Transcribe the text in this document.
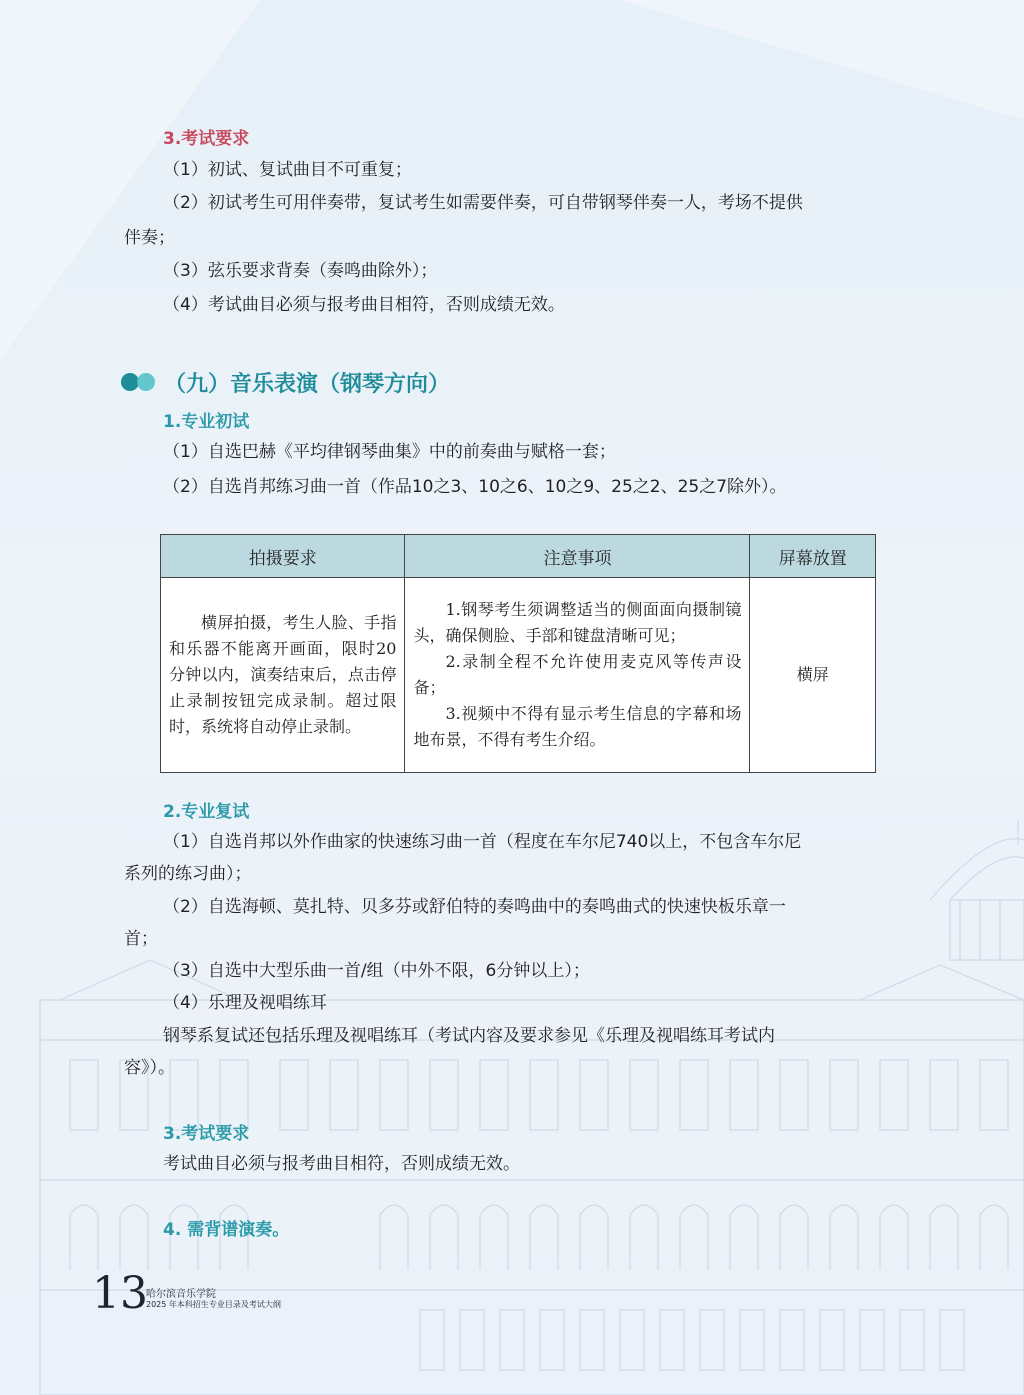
3.考试要求
（1）初试、复试曲目不可重复；
（2）初试考生可用伴奏带，复试考生如需要伴奏，可自带钢琴伴奏一人，考场不提供
伴奏；
（3）弦乐要求背奏（奏鸣曲除外）；
（4）考试曲目必须与报考曲目相符，否则成绩无效。
（九）音乐表演（钢琴方向）
1.专业初试
（1）自选巴赫《平均律钢琴曲集》中的前奏曲与赋格一套；
（2）自选肖邦练习曲一首（作品10之3、10之6、10之9、25之2、25之7除外）。
拍摄要求	注意事项	屏幕放置
横屏拍摄，考生人脸、手指和乐器不能离开画面，限时20分钟以内，演奏结束后，点击停止录制按钮完成录制。超过限时，系统将自动停止录制。	1.钢琴考生须调整适当的侧面面向摄制镜头，确保侧脸、手部和键盘清晰可见；
2.录制全程不允许使用麦克风等传声设备；
3.视频中不得有显示考生信息的字幕和场地布景，不得有考生介绍。	横屏
2.专业复试
（1）自选肖邦以外作曲家的快速练习曲一首（程度在车尔尼740以上，不包含车尔尼
系列的练习曲）；
（2）自选海顿、莫扎特、贝多芬或舒伯特的奏鸣曲中的奏鸣曲式的快速快板乐章一
首；
（3）自选中大型乐曲一首/组（中外不限，6分钟以上）；
（4）乐理及视唱练耳
钢琴系复试还包括乐理及视唱练耳（考试内容及要求参见《乐理及视唱练耳考试内
容》）。
3.考试要求
考试曲目必须与报考曲目相符，否则成绩无效。
4. 需背谱演奏。
13
哈尔滨音乐学院
2025 年本科招生专业目录及考试大纲
